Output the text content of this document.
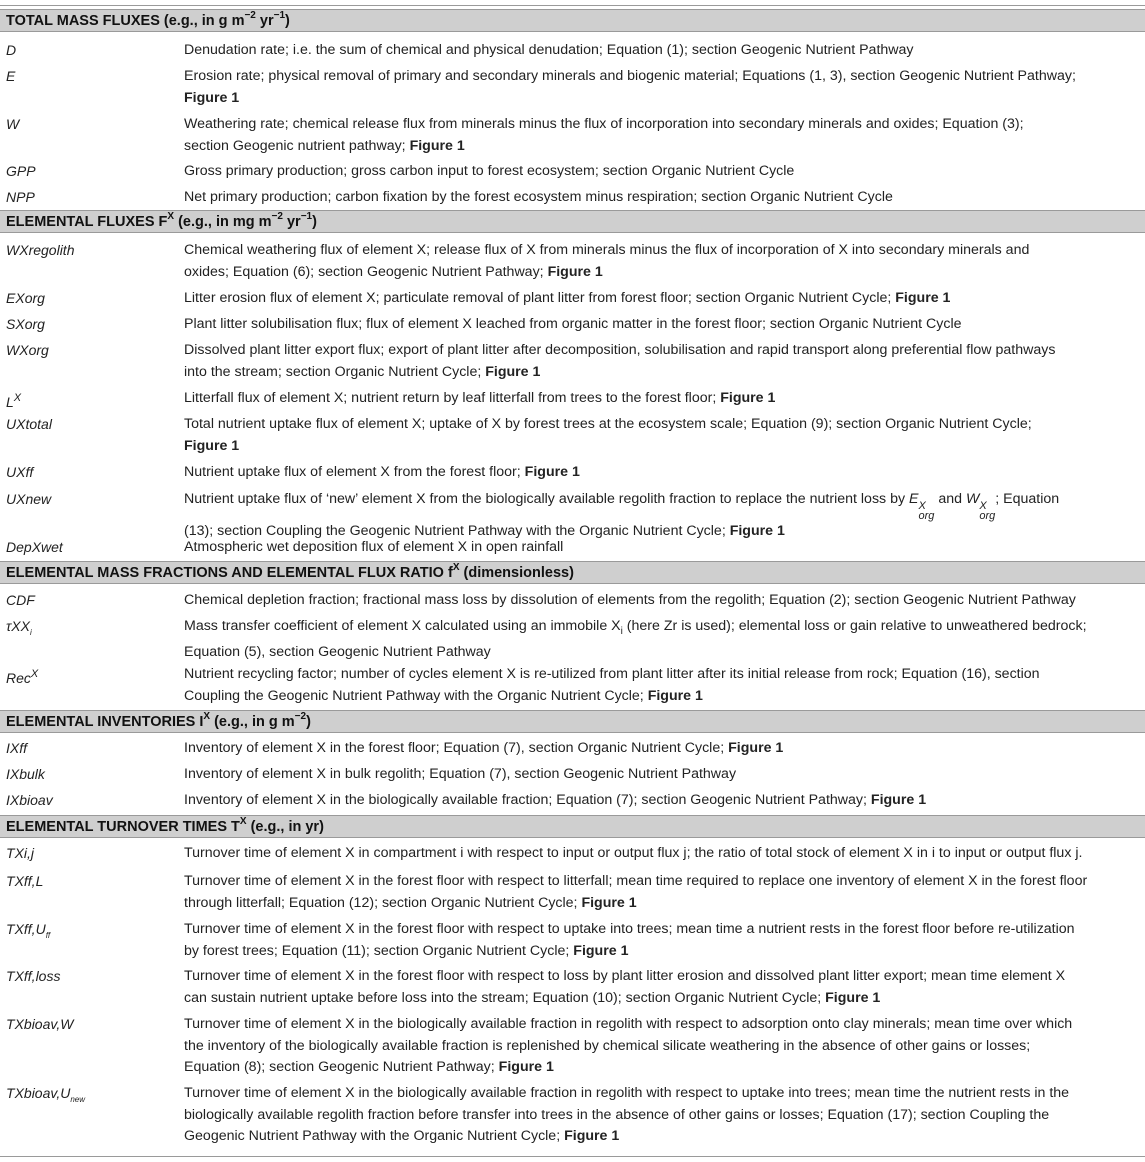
TOTAL MASS FLUXES (e.g., in g $m^{-2}$ $yr^{-1}$)
D	Denudation rate; i.e. the sum of chemical and physical denudation; Equation (1); section Geogenic Nutrient Pathway
E	Erosion rate; physical removal of primary and secondary minerals and biogenic material; Equations (1, 3), section Geogenic Nutrient Pathway;
Figure 1
W	Weathering rate; chemical release flux from minerals minus the flux of incorporation into secondary minerals and oxides; Equation (3);
section Geogenic nutrient pathway; Figure 1
GPP	Gross primary production; gross carbon input to forest ecosystem; section Organic Nutrient Cycle
NPP	Net primary production; carbon fixation by the forest ecosystem minus respiration; section Organic Nutrient Cycle
ELEMENTAL FLUXES $F^X$ (e.g., in mg $m^{-2}$ $yr^{-1}$)
WXregolith	Chemical weathering flux of element X; release flux of X from minerals minus the flux of incorporation of X into secondary minerals and
oxides; Equation (6); section Geogenic Nutrient Pathway; Figure 1
EXorg	Litter erosion flux of element X; particulate removal of plant litter from forest floor; section Organic Nutrient Cycle; Figure 1
SXorg	Plant litter solubilisation flux; flux of element X leached from organic matter in the forest floor; section Organic Nutrient Cycle
WXorg	Dissolved plant litter export flux; export of plant litter after decomposition, solubilisation and rapid transport along preferential flow pathways
into the stream; section Organic Nutrient Cycle; Figure 1
$L^X$	Litterfall flux of element X; nutrient return by leaf litterfall from trees to the forest floor; Figure 1
UXtotal	Total nutrient uptake flux of element X; uptake of X by forest trees at the ecosystem scale; Equation (9); section Organic Nutrient Cycle;
Figure 1
UXff	Nutrient uptake flux of element X from the forest floor; Figure 1
UXnew	Nutrient uptake flux of ‘new’ element X from the biologically available regolith fraction to replace the nutrient loss by E X
org
and W X
org
; Equation
(13); section Coupling the Geogenic Nutrient Pathway with the Organic Nutrient Cycle; Figure 1
DepXwet	Atmospheric wet deposition flux of element X in open rainfall
ELEMENTAL MASS FRACTIONS AND ELEMENTAL FLUX RATIO $f^X$ (dimensionless)
CDF	Chemical depletion fraction; fractional mass loss by dissolution of elements from the regolith; Equation (2); section Geogenic Nutrient Pathway
τXX$_i$	Mass transfer coefficient of element X calculated using an immobile $X_i$ (here Zr is used); elemental loss or gain relative to unweathered bedrock;
Equation (5), section Geogenic Nutrient Pathway
Rec$^X$	Nutrient recycling factor; number of cycles element X is re-utilized from plant litter after its initial release from rock; Equation (16), section
Coupling the Geogenic Nutrient Pathway with the Organic Nutrient Cycle; Figure 1
ELEMENTAL INVENTORIES $I^X$ (e.g., in g $m^{-2}$)
IXff	Inventory of element X in the forest floor; Equation (7), section Organic Nutrient Cycle; Figure 1
IXbulk	Inventory of element X in bulk regolith; Equation (7), section Geogenic Nutrient Pathway
IXbioav	Inventory of element X in the biologically available fraction; Equation (7); section Geogenic Nutrient Pathway; Figure 1
ELEMENTAL TURNOVER TIMES $T^X$ (e.g., in yr)
TXi,j	Turnover time of element X in compartment i with respect to input or output flux j; the ratio of total stock of element X in i to input or output flux j.
TXff,L	Turnover time of element X in the forest floor with respect to litterfall; mean time required to replace one inventory of element X in the forest floor
through litterfall; Equation (12); section Organic Nutrient Cycle; Figure 1
$TXff,U_{ff}$	Turnover time of element X in the forest floor with respect to uptake into trees; mean time a nutrient rests in the forest floor before re-utilization
by forest trees; Equation (11); section Organic Nutrient Cycle; Figure 1
TXff,loss	Turnover time of element X in the forest floor with respect to loss by plant litter erosion and dissolved plant litter export; mean time element X
can sustain nutrient uptake before loss into the stream; Equation (10); section Organic Nutrient Cycle; Figure 1
TXbioav,W	Turnover time of element X in the biologically available fraction in regolith with respect to adsorption onto clay minerals; mean time over which
the inventory of the biologically available fraction is replenished by chemical silicate weathering in the absence of other gains or losses;
Equation (8); section Geogenic Nutrient Pathway; Figure 1
$TXbioav,U_{new}$	Turnover time of element X in the biologically available fraction in regolith with respect to uptake into trees; mean time the nutrient rests in the
biologically available regolith fraction before transfer into trees in the absence of other gains or losses; Equation (17); section Coupling the
Geogenic Nutrient Pathway with the Organic Nutrient Cycle; Figure 1
